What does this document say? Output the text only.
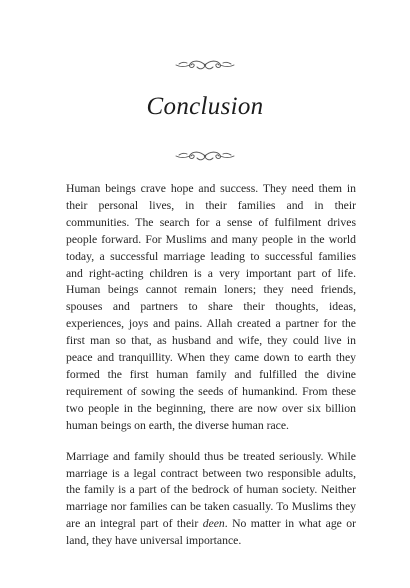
Conclusion

Human beings crave hope and success. They need them in their personal lives, in their families and in their communities. The search for a sense of fulfilment drives people forward. For Muslims and many people in the world today, a successful marriage leading to successful families and right-acting children is a very important part of life. Human beings cannot remain loners; they need friends, spouses and partners to share their thoughts, ideas, experiences, joys and pains. Allah created a partner for the first man so that, as husband and wife, they could live in peace and tranquillity. When they came down to earth they formed the first human family and fulfilled the divine requirement of sowing the seeds of humankind. From these two people in the beginning, there are now over six billion human beings on earth, the diverse human race.

Marriage and family should thus be treated seriously. While marriage is a legal contract between two responsible adults, the family is a part of the bedrock of human society. Neither marriage nor families can be taken casually. To Muslims they are an integral part of their deen. No matter in what age or land, they have universal importance.
